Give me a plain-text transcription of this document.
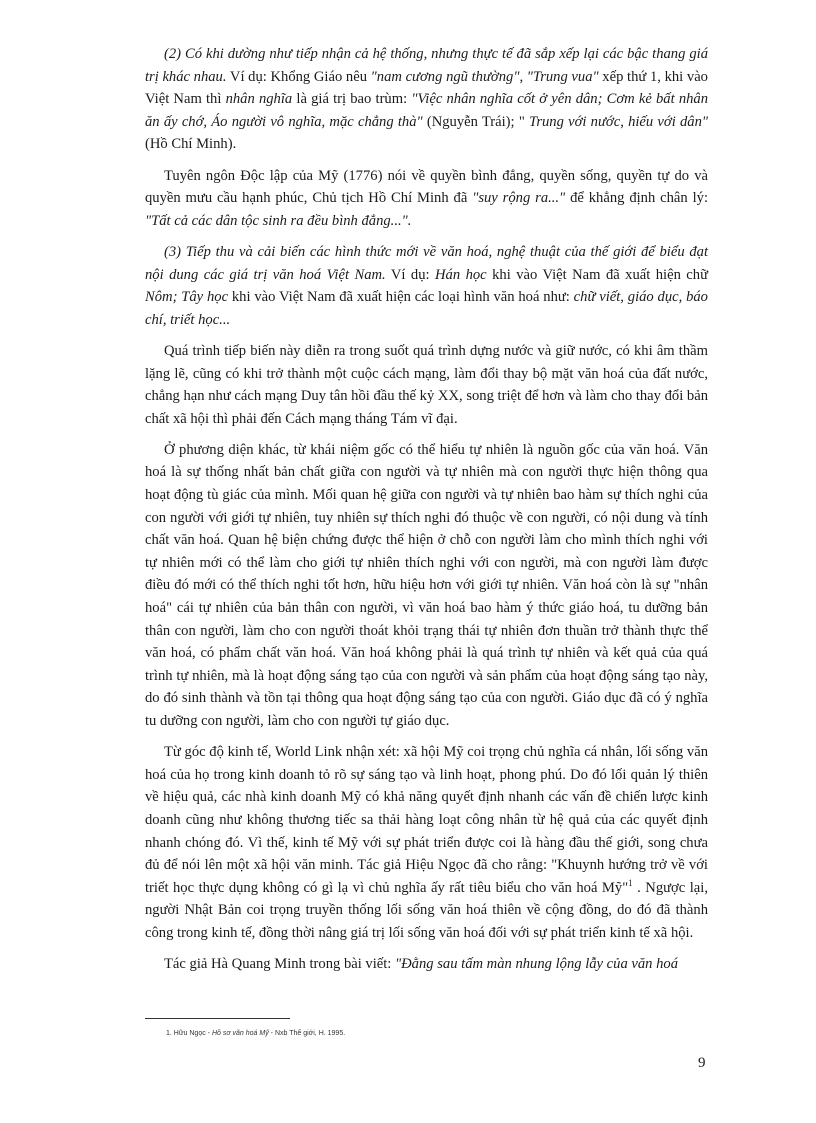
(2) Có khi dường như tiếp nhận cả hệ thống, nhưng thực tế đã sắp xếp lại các bậc thang giá trị khác nhau. Ví dụ: Khổng Giáo nêu "nam cương ngũ thường", "Trung vua" xếp thứ 1, khi vào Việt Nam thì nhân nghĩa là giá trị bao trùm: "Việc nhân nghĩa cốt ở yên dân; Cơm kẻ bất nhân ăn ấy chớ, Áo người vô nghĩa, mặc chẳng thà" (Nguyễn Trái); " Trung với nước, hiếu với dân" (Hồ Chí Minh).

Tuyên ngôn Độc lập của Mỹ (1776) nói về quyền bình đẳng, quyền sống, quyền tự do và quyền mưu cầu hạnh phúc, Chủ tịch Hồ Chí Minh đã "suy rộng ra..." để khẳng định chân lý: "Tất cả các dân tộc sinh ra đều bình đẳng...".

(3) Tiếp thu và cải biến các hình thức mới về văn hoá, nghệ thuật của thế giới để biểu đạt nội dung các giá trị văn hoá Việt Nam. Ví dụ: Hán học khi vào Việt Nam đã xuất hiện chữ Nôm; Tây học khi vào Việt Nam đã xuất hiện các loại hình văn hoá như: chữ viết, giáo dục, báo chí, triết học...

Quá trình tiếp biến này diễn ra trong suốt quá trình dựng nước và giữ nước, có khi âm thầm lặng lẽ, cũng có khi trở thành một cuộc cách mạng, làm đổi thay bộ mặt văn hoá của đất nước, chẳng hạn như cách mạng Duy tân hồi đầu thế kỷ XX, song triệt để hơn và làm cho thay đổi bản chất xã hội thì phải đến Cách mạng tháng Tám vĩ đại.

Ở phương diện khác, từ khái niệm gốc có thể hiểu tự nhiên là nguồn gốc của văn hoá. Văn hoá là sự thống nhất bản chất giữa con người và tự nhiên mà con người thực hiện thông qua hoạt động tù giác của mình. Mối quan hệ giữa con người và tự nhiên bao hàm sự thích nghi của con người với giới tự nhiên, tuy nhiên sự thích nghi đó thuộc về con người, có nội dung và tính chất văn hoá. Quan hệ biện chứng được thể hiện ở chỗ con người làm cho mình thích nghi với tự nhiên mới có thể làm cho giới tự nhiên thích nghi với con người, mà con người làm được điều đó mới có thể thích nghi tốt hơn, hữu hiệu hơn với giới tự nhiên. Văn hoá còn là sự "nhân hoá" cái tự nhiên của bản thân con người, vì văn hoá bao hàm ý thức giáo hoá, tu dưỡng bản thân con người, làm cho con người thoát khỏi trạng thái tự nhiên đơn thuần trở thành thực thể văn hoá, có phẩm chất văn hoá. Văn hoá không phải là quá trình tự nhiên và kết quả của quá trình tự nhiên, mà là hoạt động sáng tạo của con người và sản phẩm của hoạt động sáng tạo này, do đó sinh thành và tồn tại thông qua hoạt động sáng tạo của con người. Giáo dục đã có ý nghĩa tu dưỡng con người, làm cho con người tự giáo dục.

Từ góc độ kinh tế, World Link nhận xét: xã hội Mỹ coi trọng chủ nghĩa cá nhân, lối sống văn hoá của họ trong kinh doanh tỏ rõ sự sáng tạo và linh hoạt, phong phú. Do đó lối quản lý thiên về hiệu quả, các nhà kinh doanh Mỹ có khả năng quyết định nhanh các vấn đề chiến lược kinh doanh cũng như không thương tiếc sa thải hàng loạt công nhân từ hệ quả của các quyết định nhanh chóng đó. Vì thế, kinh tế Mỹ với sự phát triển được coi là hàng đầu thế giới, song chưa đủ để nói lên một xã hội văn minh. Tác giả Hiệu Ngọc đã cho rằng: "Khuynh hướng trở về với triết học thực dụng không có gì lạ vì chủ nghĩa ấy rất tiêu biểu cho văn hoá Mỹ"$^1$ . Ngược lại, người Nhật Bản coi trọng truyền thống lối sống văn hoá thiên về cộng đồng, do đó đã thành công trong kinh tế, đồng thời nâng giá trị lối sống văn hoá đối với sự phát triển kinh tế xã hội.

Tác giả Hà Quang Minh trong bài viết: "Đằng sau tấm màn nhung lộng lẫy của văn hoá

1. Hữu Ngọc - Hồ sơ văn hoá Mỹ - Nxb Thế giới, H. 1995.
9
